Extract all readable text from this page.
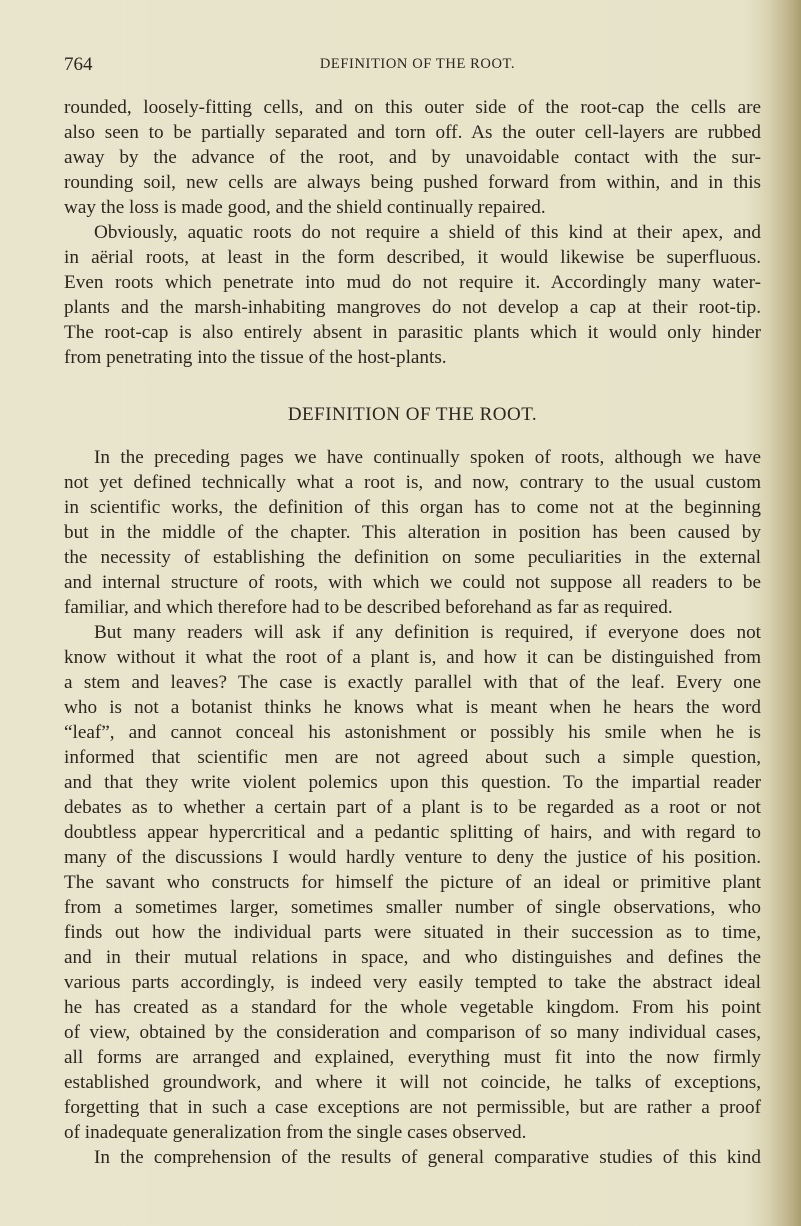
764	DEFINITION OF THE ROOT.
DEFINITION OF THE ROOT.
rounded, loosely-fitting cells, and on this outer side of the root-cap the cells are
also seen to be partially separated and torn off. As the outer cell-layers are rubbed
away by the advance of the root, and by unavoidable contact with the sur-
rounding soil, new cells are always being pushed forward from within, and in this
way the loss is made good, and the shield continually repaired.
Obviously, aquatic roots do not require a shield of this kind at their apex, and
in aërial roots, at least in the form described, it would likewise be superfluous.
Even roots which penetrate into mud do not require it. Accordingly many water-
plants and the marsh-inhabiting mangroves do not develop a cap at their root-tip.
The root-cap is also entirely absent in parasitic plants which it would only hinder
from penetrating into the tissue of the host-plants.
In the preceding pages we have continually spoken of roots, although we have
not yet defined technically what a root is, and now, contrary to the usual custom
in scientific works, the definition of this organ has to come not at the beginning
but in the middle of the chapter. This alteration in position has been caused by
the necessity of establishing the definition on some peculiarities in the external
and internal structure of roots, with which we could not suppose all readers to be
familiar, and which therefore had to be described beforehand as far as required.
But many readers will ask if any definition is required, if everyone does not
know without it what the root of a plant is, and how it can be distinguished from
a stem and leaves? The case is exactly parallel with that of the leaf. Every one
who is not a botanist thinks he knows what is meant when he hears the word
“leaf”, and cannot conceal his astonishment or possibly his smile when he is
informed that scientific men are not agreed about such a simple question,
and that they write violent polemics upon this question. To the impartial reader
debates as to whether a certain part of a plant is to be regarded as a root or not
doubtless appear hypercritical and a pedantic splitting of hairs, and with regard to
many of the discussions I would hardly venture to deny the justice of his position.
The savant who constructs for himself the picture of an ideal or primitive plant
from a sometimes larger, sometimes smaller number of single observations, who
finds out how the individual parts were situated in their succession as to time,
and in their mutual relations in space, and who distinguishes and defines the
various parts accordingly, is indeed very easily tempted to take the abstract ideal
he has created as a standard for the whole vegetable kingdom. From his point
of view, obtained by the consideration and comparison of so many individual cases,
all forms are arranged and explained, everything must fit into the now firmly
established groundwork, and where it will not coincide, he talks of exceptions,
forgetting that in such a case exceptions are not permissible, but are rather a proof
of inadequate generalization from the single cases observed.
In the comprehension of the results of general comparative studies of this kind
